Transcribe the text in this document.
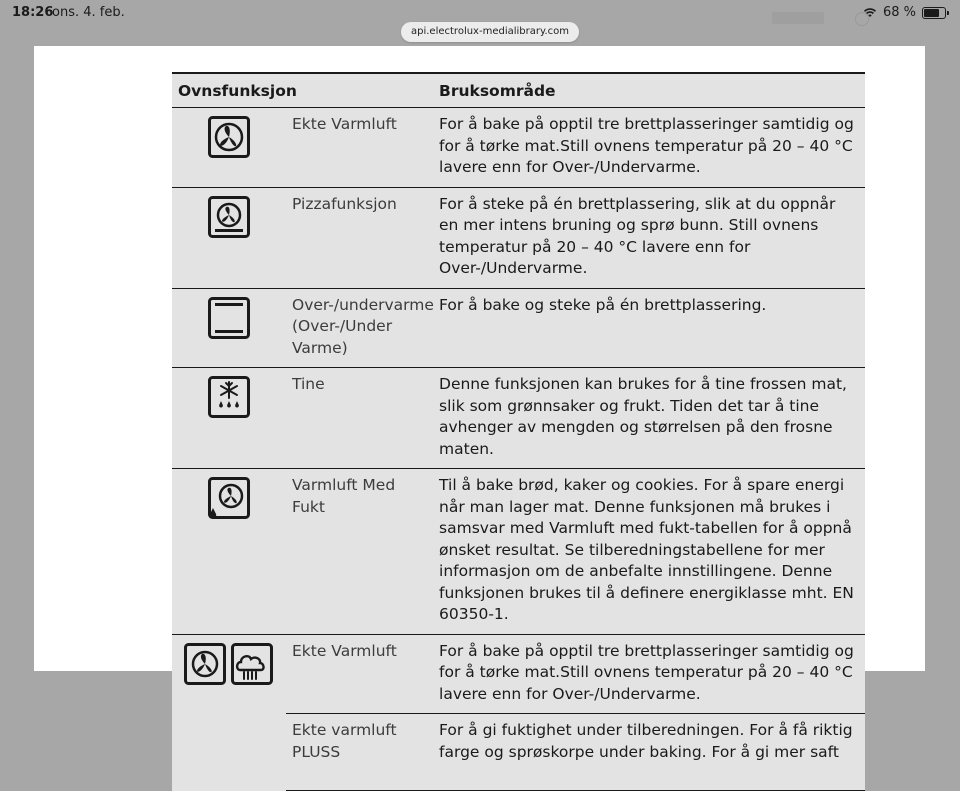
18:26
ons. 4. feb.	68 %
api.electrolux-medialibrary.com
Ovnsfunksjon		Bruksområde
	Ekte Varmluft	For å bake på opptil tre brettplasseringer samtidig og for å tørke mat.Still ovnens temperatur på 20 – 40 °C lavere enn for Over-/Undervarme.
	Pizzafunksjon	For å steke på én brettplassering, slik at du oppnår en mer intens bruning og sprø bunn. Still ovnens temperatur på 20 – 40 °C lavere enn for Over-/Undervarme.
	Over-/undervarme (Over-/Under Varme)	For å bake og steke på én brettplassering.
	Tine	Denne funksjonen kan brukes for å tine frossen mat, slik som grønnsaker og frukt. Tiden det tar å tine avhenger av mengden og størrelsen på den frosne maten.
	Varmluft Med Fukt	Til å bake brød, kaker og cookies. For å spare energi når man lager mat. Denne funksjonen må brukes i samsvar med Varmluft med fukt-tabellen for å oppnå ønsket resultat. Se tilberedningstabellene for mer informasjon om de anbefalte innstillingene. Denne funksjonen brukes til å definere energiklasse mht. EN 60350-1.
	Ekte Varmluft	For å bake på opptil tre brettplasseringer samtidig og for å tørke mat.Still ovnens temperatur på 20 – 40 °C lavere enn for Over-/Undervarme.
	Ekte varmluft PLUSS	For å gi fuktighet under tilberedningen. For å få riktig farge og sprøskorpe under baking. For å gi mer saft
